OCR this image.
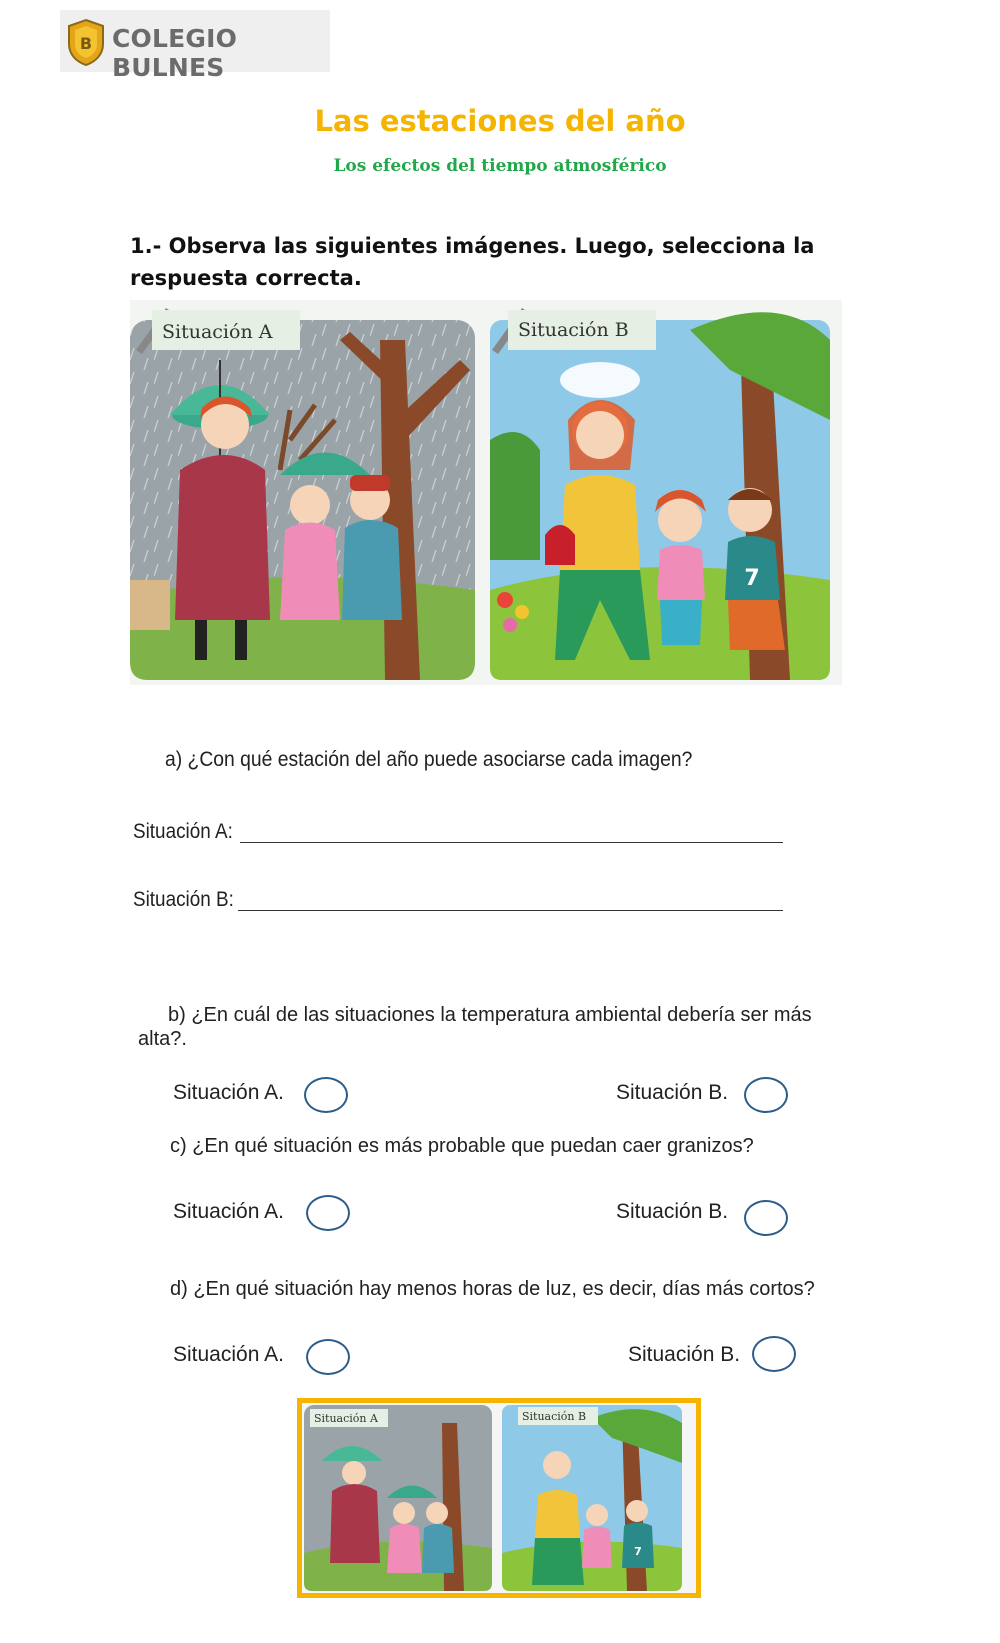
B COLEGIO BULNES
Las estaciones del año
Los efectos del tiempo atmosférico
1.- Observa las siguientes imágenes. Luego, selecciona la respuesta correcta.
7
Situación A	Situación B
a) ¿Con qué estación del año puede asociarse cada imagen?
Situación A:
Situación B:
b) ¿En cuál de las situaciones la temperatura ambiental debería ser más alta?.
Situación A.	Situación B.
c) ¿En qué situación es más probable que puedan caer granizos?
Situación A.	Situación B.
d) ¿En qué situación hay menos horas de luz, es decir, días más cortos?
Situación A.	Situación B.
7
Situación A	Situación B
